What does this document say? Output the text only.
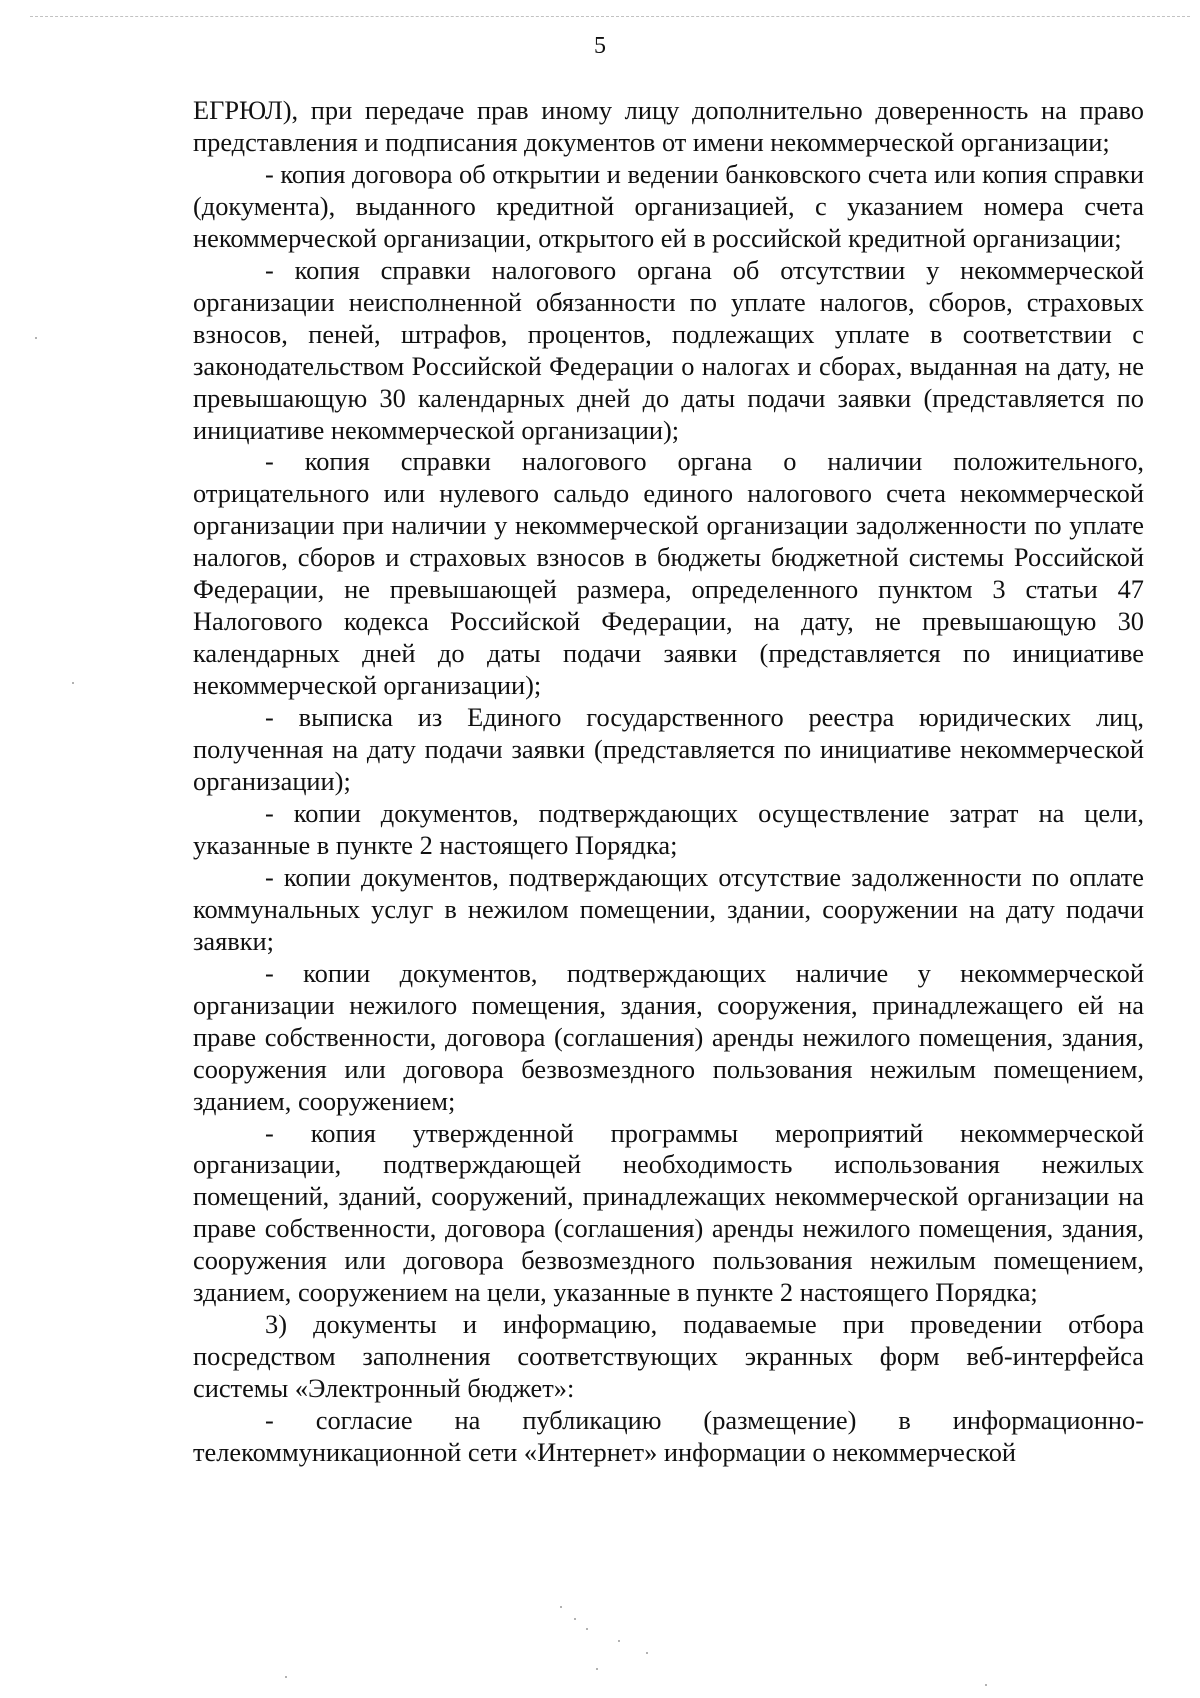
5

ЕГРЮЛ), при передаче прав иному лицу дополнительно доверенность на право представления и подписания документов от имени некоммерческой организации;

- копия договора об открытии и ведении банковского счета или копия справки (документа), выданного кредитной организацией, с указанием номера счета некоммерческой организации, открытого ей в российской кредитной организации;

- копия справки налогового органа об отсутствии у некоммерческой организации неисполненной обязанности по уплате налогов, сборов, страховых взносов, пеней, штрафов, процентов, подлежащих уплате в соответствии с законодательством Российской Федерации о налогах и сборах, выданная на дату, не превышающую 30 календарных дней до даты подачи заявки (представляется по инициативе некоммерческой организации);

- копия справки налогового органа о наличии положительного, отрицательного или нулевого сальдо единого налогового счета некоммерческой организации при наличии у некоммерческой организации задолженности по уплате налогов, сборов и страховых взносов в бюджеты бюджетной системы Российской Федерации, не превышающей размера, определенного пунктом 3 статьи 47 Налогового кодекса Российской Федерации, на дату, не превышающую 30 календарных дней до даты подачи заявки (представляется по инициативе некоммерческой организации);

- выписка из Единого государственного реестра юридических лиц, полученная на дату подачи заявки (представляется по инициативе некоммерческой организации);

- копии документов, подтверждающих осуществление затрат на цели, указанные в пункте 2 настоящего Порядка;

- копии документов, подтверждающих отсутствие задолженности по оплате коммунальных услуг в нежилом помещении, здании, сооружении на дату подачи заявки;

- копии документов, подтверждающих наличие у некоммерческой организации нежилого помещения, здания, сооружения, принадлежащего ей на праве собственности, договора (соглашения) аренды нежилого помещения, здания, сооружения или договора безвозмездного пользования нежилым помещением, зданием, сооружением;

- копия утвержденной программы мероприятий некоммерческой организации, подтверждающей необходимость использования нежилых помещений, зданий, сооружений, принадлежащих некоммерческой организации на праве собственности, договора (соглашения) аренды нежилого помещения, здания, сооружения или договора безвозмездного пользования нежилым помещением, зданием, сооружением на цели, указанные в пункте 2 настоящего Порядка;

3) документы и информацию, подаваемые при проведении отбора посредством заполнения соответствующих экранных форм веб-интерфейса системы «Электронный бюджет»:

- согласие на публикацию (размещение) в информационно-телекоммуникационной сети «Интернет» информации о некоммерческой
